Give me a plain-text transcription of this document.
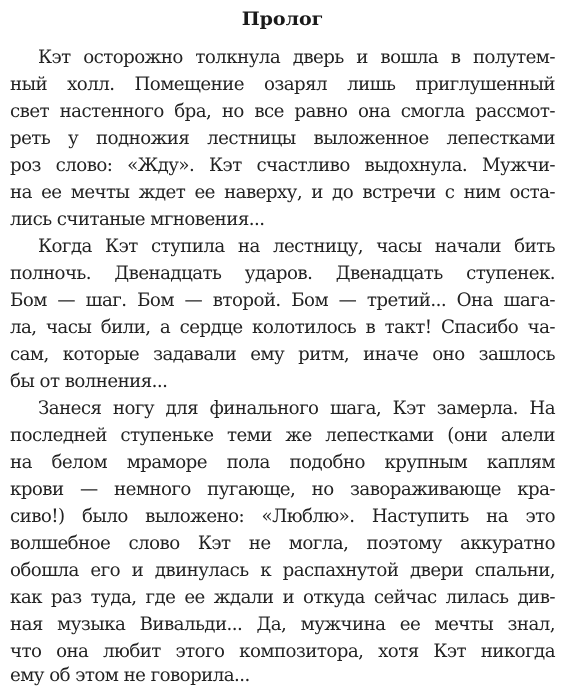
Пролог
Кэт осторожно толкнула дверь и вошла в полутем-
ный холл. Помещение озарял лишь приглушенный
свет настенного бра, но все равно она смогла рассмот-
реть у подножия лестницы выложенное лепестками
роз слово: «Жду». Кэт счастливо выдохнула. Мужчи-
на ее мечты ждет ее наверху, и до встречи с ним оста-
лись считаные мгновения...
Когда Кэт ступила на лестницу, часы начали бить
полночь. Двенадцать ударов. Двенадцать ступенек.
Бом — шаг. Бом — второй. Бом — третий... Она шага-
ла, часы били, а сердце колотилось в такт! Спасибо ча-
сам, которые задавали ему ритм, иначе оно зашлось
бы от волнения...
Занеся ногу для финального шага, Кэт замерла. На
последней ступеньке теми же лепестками (они алели
на белом мраморе пола подобно крупным каплям
крови — немного пугающе, но завораживающе кра-
сиво!) было выложено: «Люблю». Наступить на это
волшебное слово Кэт не могла, поэтому аккуратно
обошла его и двинулась к распахнутой двери спальни,
как раз туда, где ее ждали и откуда сейчас лилась див-
ная музыка Вивальди... Да, мужчина ее мечты знал,
что она любит этого композитора, хотя Кэт никогда
ему об этом не говорила...
